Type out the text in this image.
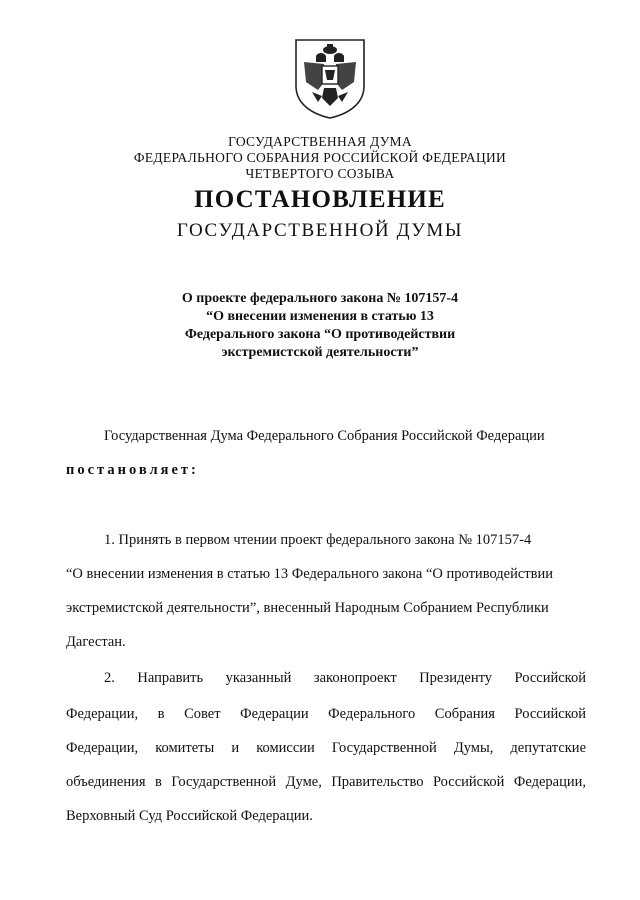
ГОСУДАРСТВЕННАЯ ДУМА
ФЕДЕРАЛЬНОГО СОБРАНИЯ РОССИЙСКОЙ ФЕДЕРАЦИИ
ЧЕТВЕРТОГО СОЗЫВА
ПОСТАНОВЛЕНИЕ
ГОСУДАРСТВЕННОЙ ДУМЫ
О проекте федерального закона № 107157-4
“О внесении изменения в статью 13
Федерального закона “О противодействии
экстремистской деятельности”
Государственная Дума Федерального Собрания Российской Федерации
постановляет:
1. Принять в первом чтении проект федерального закона № 107157-4
“О внесении изменения в статью 13 Федерального закона “О противодействии
экстремистской деятельности”, внесенный Народным Собранием Республики
Дагестан.
2. Направить указанный законопроект Президенту Российской
Федерации, в Совет Федерации Федерального Собрания Российской
Федерации, комитеты и комиссии Государственной Думы, депутатские
объединения в Государственной Думе, Правительство Российской Федерации,
Верховный Суд Российской Федерации.
